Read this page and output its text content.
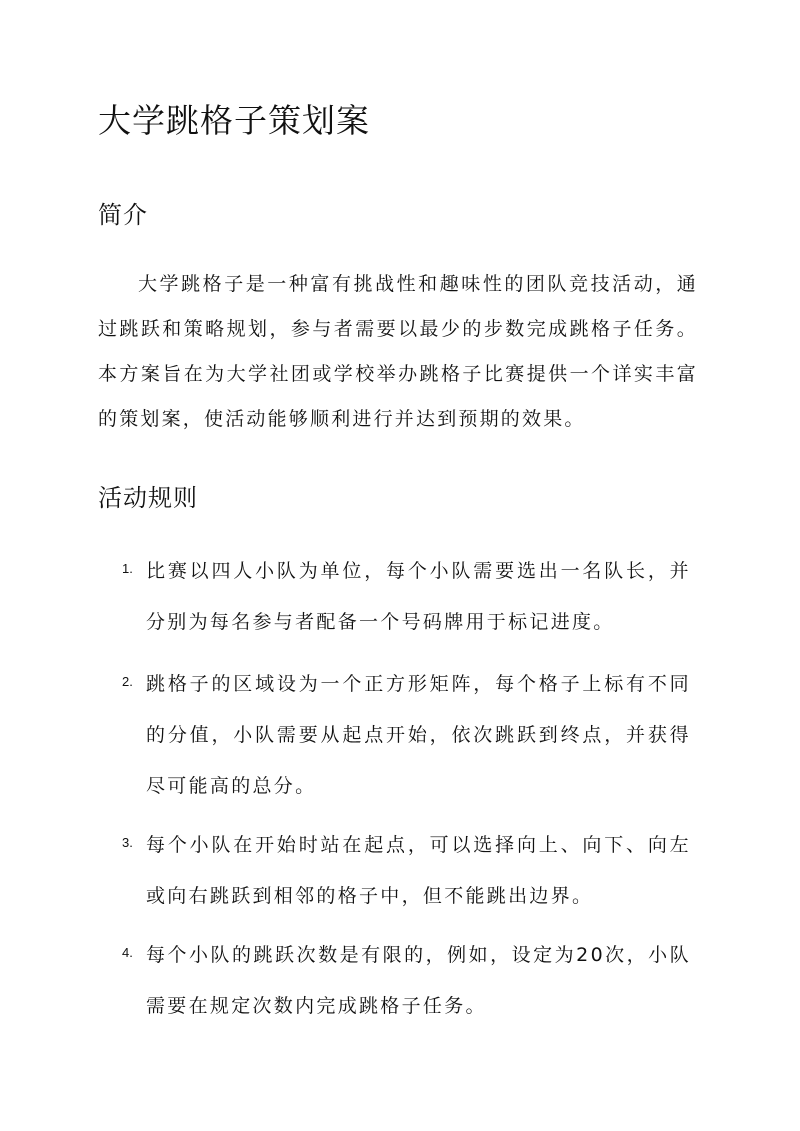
大学跳格子策划案
简介

大学跳格子是一种富有挑战性和趣味性的团队竞技活动，通过跳跃和策略规划，参与者需要以最少的步数完成跳格子任务。本方案旨在为大学社团或学校举办跳格子比赛提供一个详实丰富的策划案，使活动能够顺利进行并达到预期的效果。

活动规则
1. 比赛以四人小队为单位，每个小队需要选出一名队长，并分别为每名参与者配备一个号码牌用于标记进度。

2. 跳格子的区域设为一个正方形矩阵，每个格子上标有不同的分值，小队需要从起点开始，依次跳跃到终点，并获得尽可能高的总分。

3. 每个小队在开始时站在起点，可以选择向上、向下、向左或向右跳跃到相邻的格子中，但不能跳出边界。

4. 每个小队的跳跃次数是有限的，例如，设定为20次，小队需要在规定次数内完成跳格子任务。
